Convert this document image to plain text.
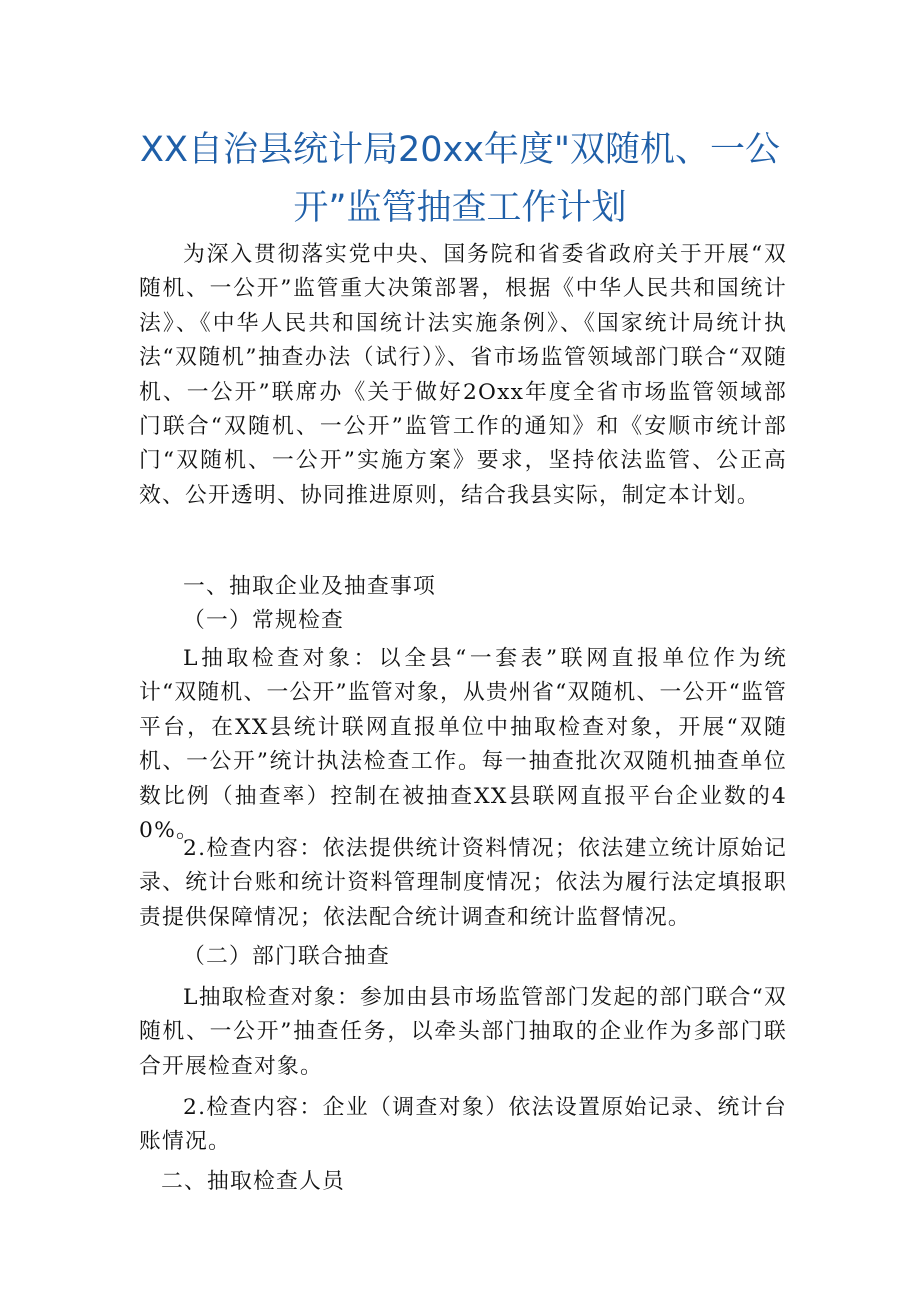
XX自治县统计局20xx年度"双随机、一公
开”监管抽查工作计划

为深入贯彻落实党中央、国务院和省委省政府关于开展“双随机、一公开”监管重大决策部署，根据《中华人民共和国统计法》、《中华人民共和国统计法实施条例》、《国家统计局统计执法“双随机”抽查办法（试行）》、省市场监管领域部门联合“双随机、一公开”联席办《关于做好2Oxx年度全省市场监管领域部门联合“双随机、一公开”监管工作的通知》和《安顺市统计部门“双随机、一公开”实施方案》要求，坚持依法监管、公正高效、公开透明、协同推进原则，结合我县实际，制定本计划。

一、抽取企业及抽查事项

（一）常规检查

L抽取检查对象：以全县“一套表”联网直报单位作为统计“双随机、一公开”监管对象，从贵州省“双随机、一公开“监管平台，在XX县统计联网直报单位中抽取检查对象，开展“双随机、一公开”统计执法检查工作。每一抽查批次双随机抽查单位数比例（抽查率）控制在被抽查XX县联网直报平台企业数的40%。

2.检查内容：依法提供统计资料情况；依法建立统计原始记录、统计台账和统计资料管理制度情况；依法为履行法定填报职责提供保障情况；依法配合统计调查和统计监督情况。

（二）部门联合抽查

L抽取检查对象：参加由县市场监管部门发起的部门联合“双随机、一公开”抽查任务，以牵头部门抽取的企业作为多部门联合开展检查对象。

2.检查内容：企业（调查对象）依法设置原始记录、统计台账情况。

二、抽取检查人员
